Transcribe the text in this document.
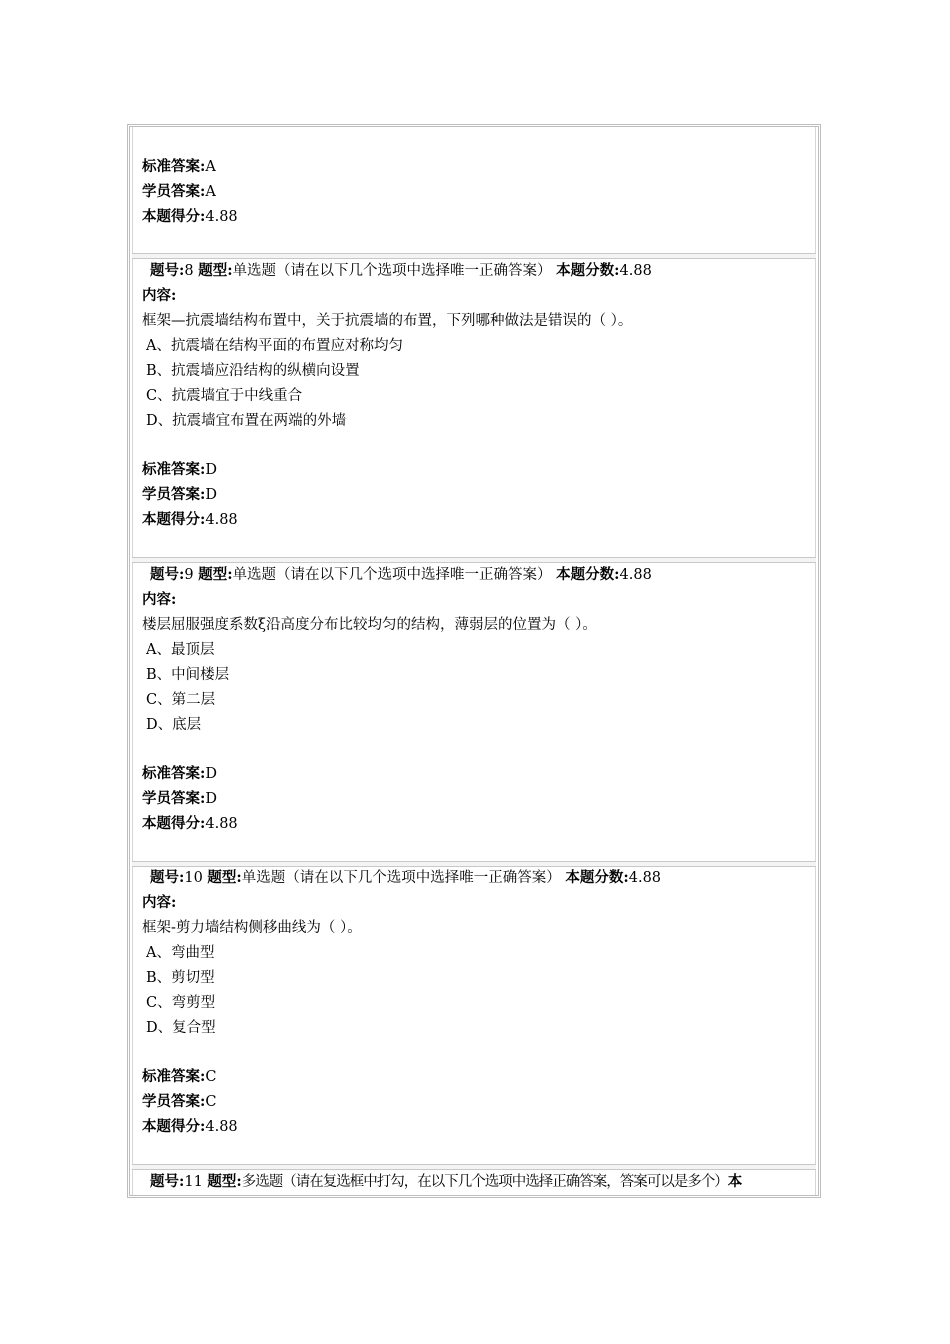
标准答案:A
学员答案:A
本题得分:4.88
题号:8 题型:单选题（请在以下几个选项中选择唯一正确答案） 本题分数:4.88
内容:
框架—抗震墙结构布置中，关于抗震墙的布置，下列哪种做法是错误的（ ）。
A、抗震墙在结构平面的布置应对称均匀
B、抗震墙应沿结构的纵横向设置
C、抗震墙宜于中线重合
D、抗震墙宜布置在两端的外墙
标准答案:D
学员答案:D
本题得分:4.88
题号:9 题型:单选题（请在以下几个选项中选择唯一正确答案） 本题分数:4.88
内容:
楼层屈服强度系数ξ沿高度分布比较均匀的结构，薄弱层的位置为（ ）。
A、最顶层
B、中间楼层
C、第二层
D、底层
标准答案:D
学员答案:D
本题得分:4.88
题号:10 题型:单选题（请在以下几个选项中选择唯一正确答案） 本题分数:4.88
内容:
框架-剪力墙结构侧移曲线为（ ）。
A、弯曲型
B、剪切型
C、弯剪型
D、复合型
标准答案:C
学员答案:C
本题得分:4.88
题号:11 题型:多选题（请在复选框中打勾，在以下几个选项中选择正确答案，答案可以是多个）本
